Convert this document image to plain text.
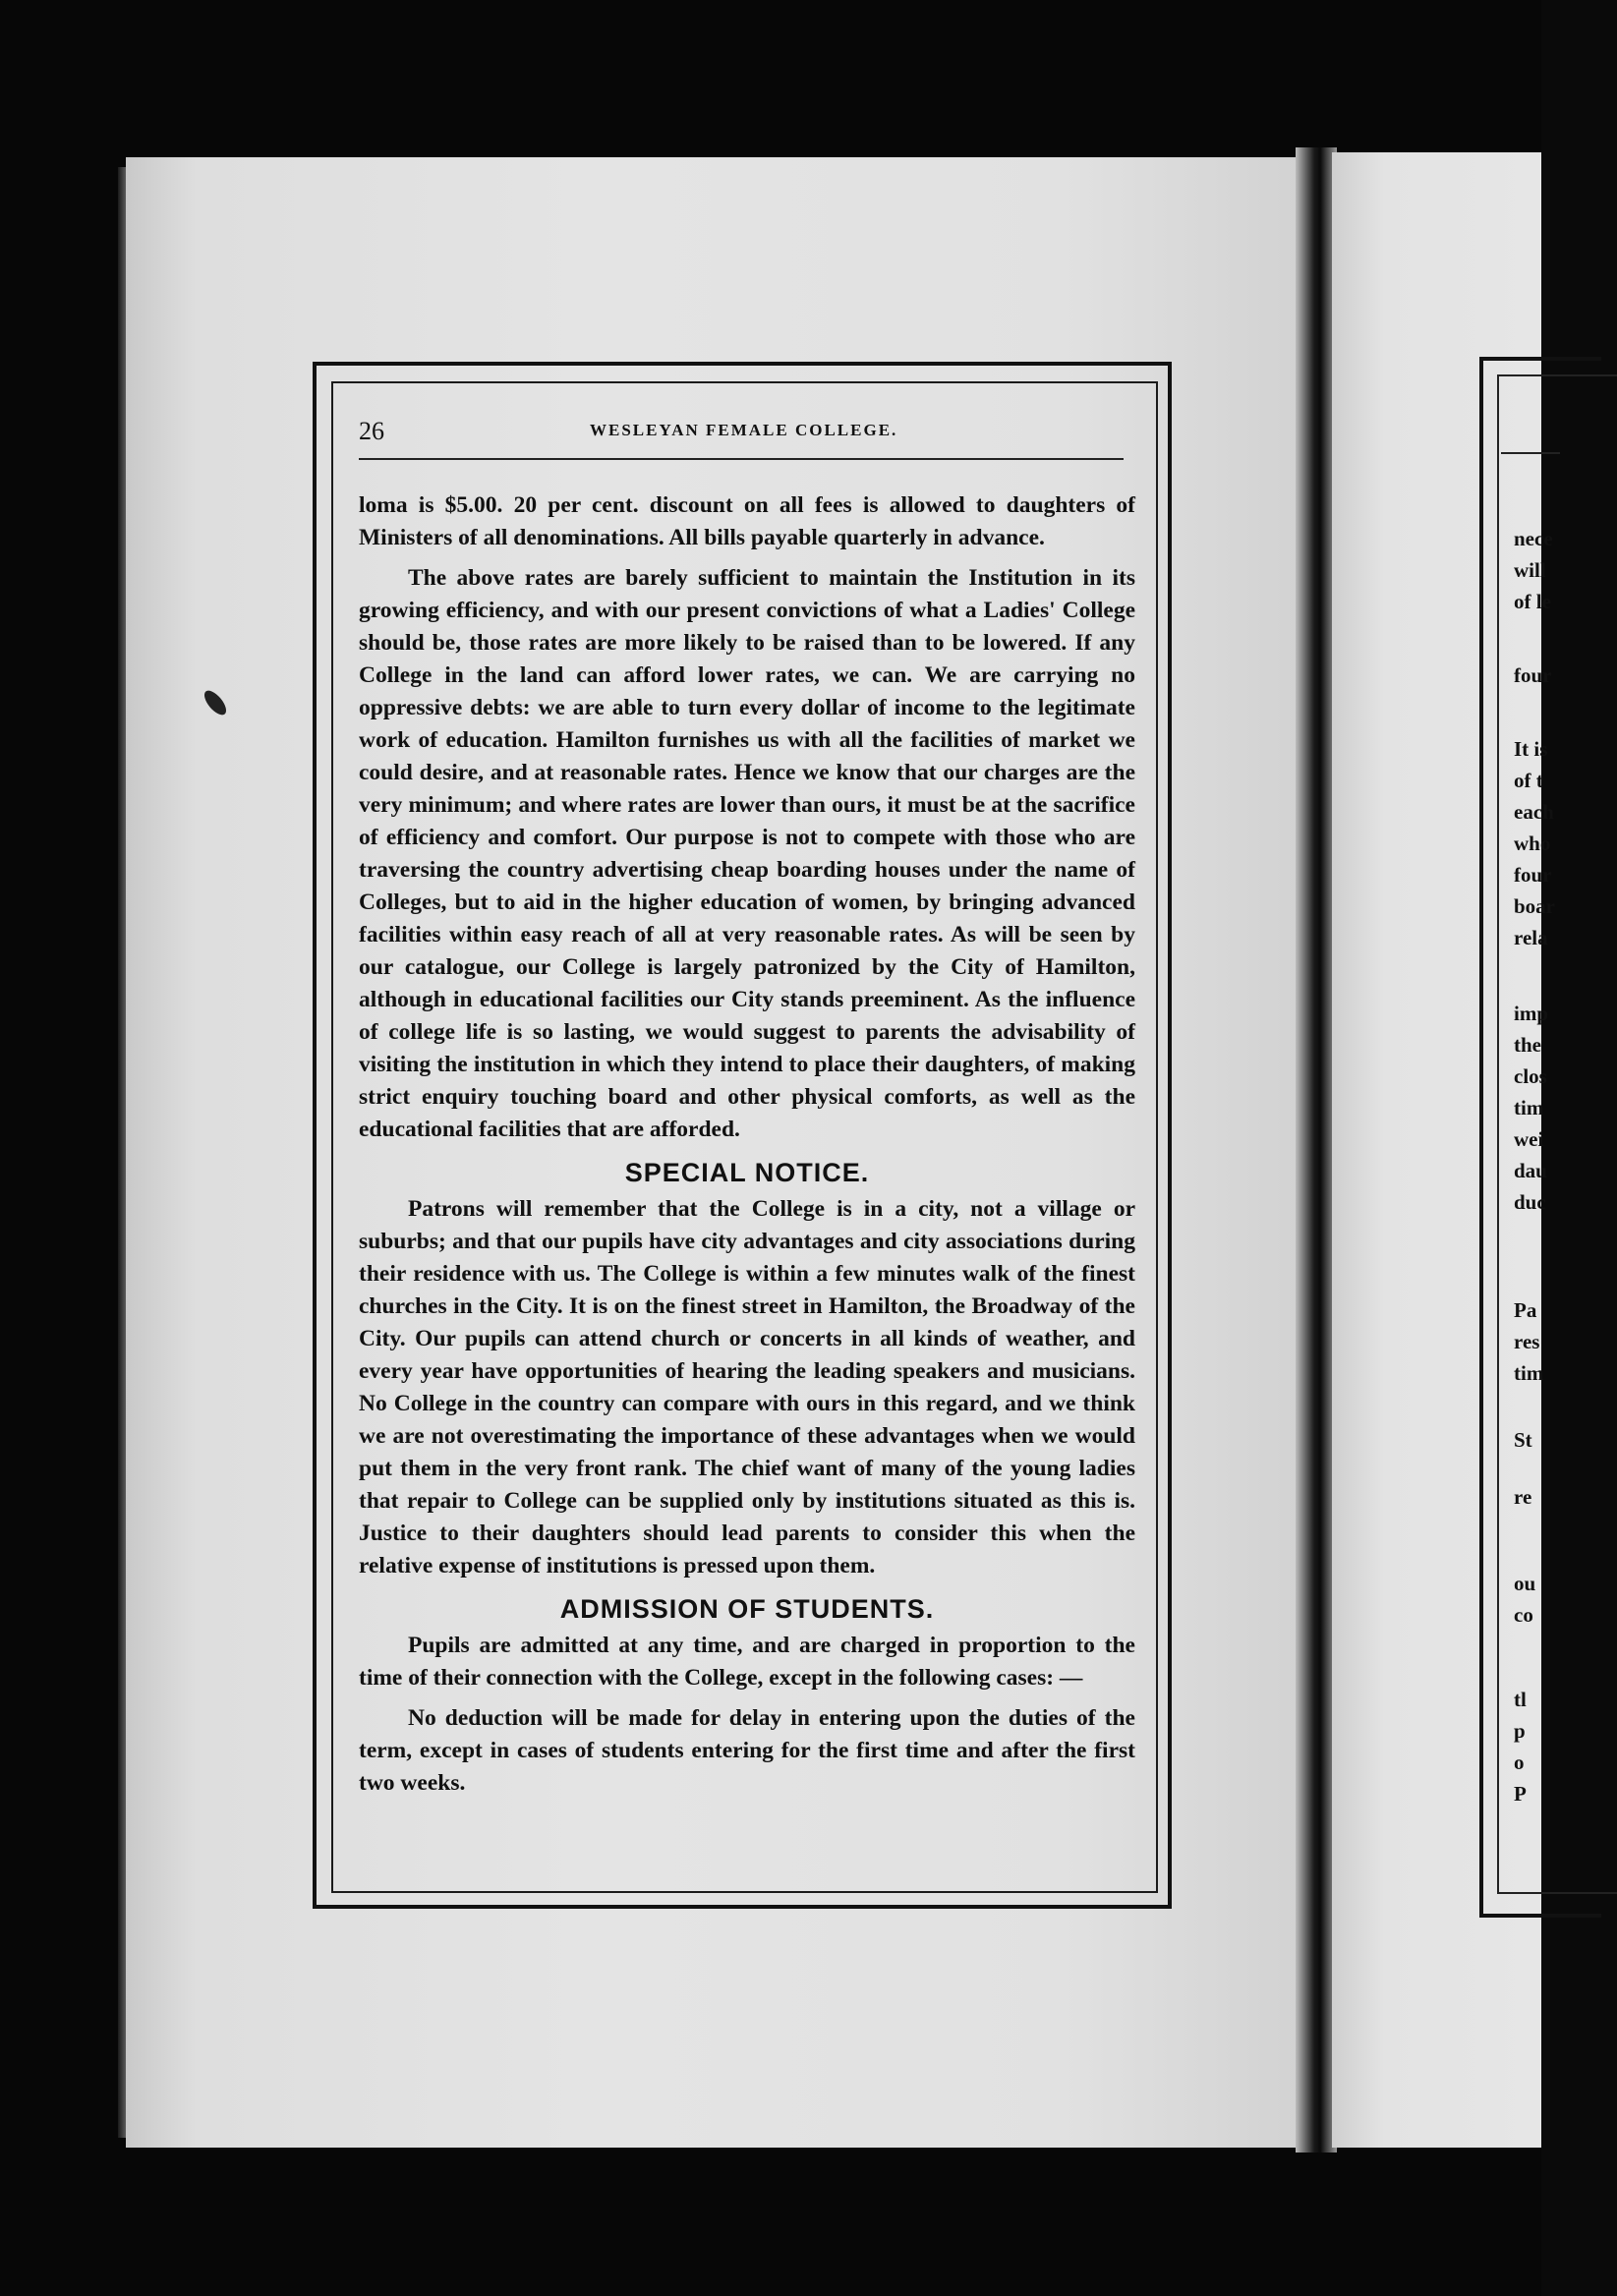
nece

will

of le

four

It is

of t

each

who

four

boar

rela

imp

the

clos

tim

wei

dau

duc

Pa

res

tim

St

re

ou

co

tl

p

o

P

26	WESLEYAN FEMALE COLLEGE.

loma is $5.00. 20 per cent. discount on all fees is allowed to daughters of Ministers of all denominations. All bills payable quarterly in advance.

The above rates are barely sufficient to maintain the Institution in its growing efficiency, and with our present convictions of what a Ladies' College should be, those rates are more likely to be raised than to be lowered. If any College in the land can afford lower rates, we can. We are carrying no oppressive debts: we are able to turn every dollar of income to the legitimate work of education. Hamilton furnishes us with all the facilities of market we could desire, and at reasonable rates. Hence we know that our charges are the very minimum; and where rates are lower than ours, it must be at the sacrifice of efficiency and comfort. Our purpose is not to compete with those who are traversing the country advertising cheap boarding houses under the name of Colleges, but to aid in the higher education of women, by bringing advanced facilities within easy reach of all at very reasonable rates. As will be seen by our catalogue, our College is largely patronized by the City of Hamilton, although in educational facilities our City stands preeminent. As the influence of college life is so lasting, we would suggest to parents the advisability of visiting the institution in which they intend to place their daughters, of making strict enquiry touching board and other physical comforts, as well as the educational facilities that are afforded.

SPECIAL NOTICE.

Patrons will remember that the College is in a city, not a village or suburbs; and that our pupils have city advantages and city associations during their residence with us. The College is within a few minutes walk of the finest churches in the City. It is on the finest street in Hamilton, the Broadway of the City. Our pupils can attend church or concerts in all kinds of weather, and every year have opportunities of hearing the leading speakers and musicians. No College in the country can compare with ours in this regard, and we think we are not overestimating the importance of these advantages when we would put them in the very front rank. The chief want of many of the young ladies that repair to College can be supplied only by institutions situated as this is. Justice to their daughters should lead parents to consider this when the relative expense of institutions is pressed upon them.

ADMISSION OF STUDENTS.

Pupils are admitted at any time, and are charged in proportion to the time of their connection with the College, except in the following cases: —

No deduction will be made for delay in entering upon the duties of the term, except in cases of students entering for the first time and after the first two weeks.
